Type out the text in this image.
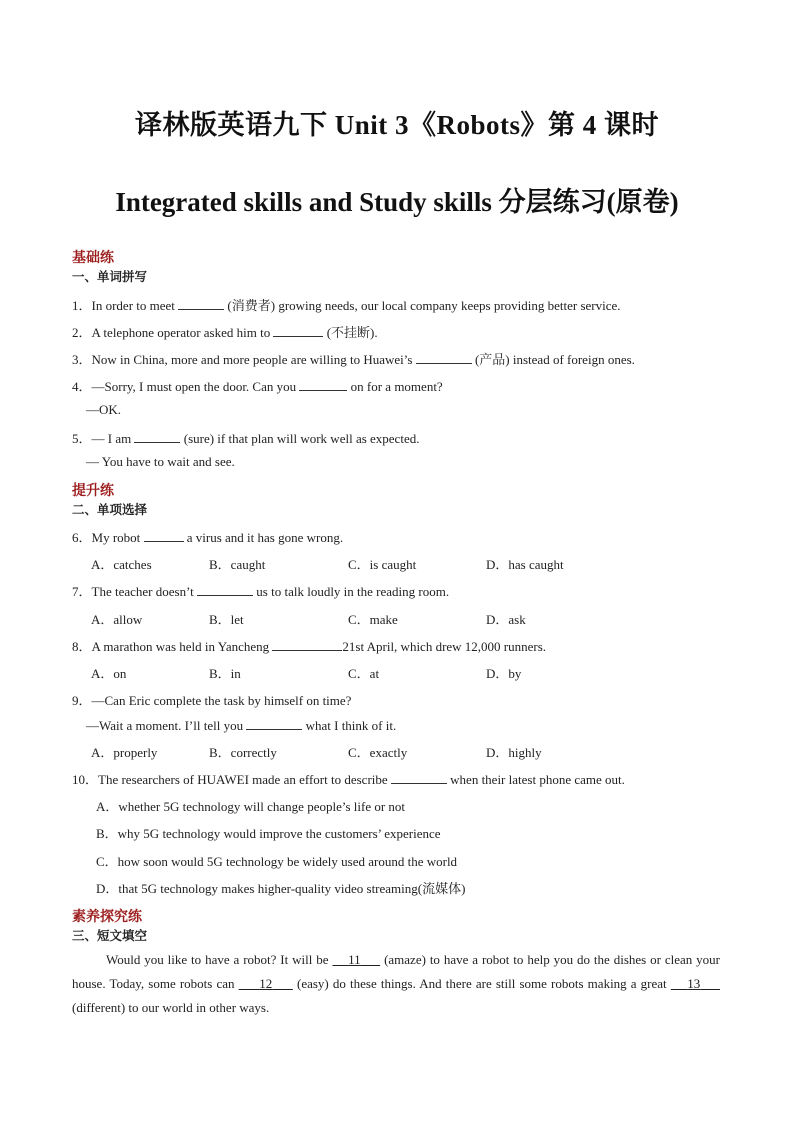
译林版英语九下 Unit 3《Robots》第 4 课时
Integrated skills and Study skills 分层练习(原卷)
基础练
一、单词拼写
1．In order to meet	(消费者) growing needs, our local company keeps providing better service.
2．A telephone operator asked him to	(不挂断).
3．Now in China, more and more people are willing to Huawei’s	(产品) instead of foreign ones.
4．—Sorry, I must open the door. Can you	on for a moment?
—OK.
5．— I am	(sure) if that plan will work well as expected.
— You have to wait and see.
提升练
二、单项选择
6．My robot	a virus and it has gone wrong.
A．catches	B．caught	C．is caught	D．has caught
7．The teacher doesn’t	us to talk loudly in the reading room.
A．allow	B．let	C．make	D．ask
8．A marathon was held in Yancheng	21st April, which drew 12,000 runners.
A．on	B．in	C．at	D．by
9．—Can Eric complete the task by himself on time?
—Wait a moment. I’ll tell you	what I think of it.
A．properly	B．correctly	C．exactly	D．highly
10．The researchers of HUAWEI made an effort to describe	when their latest phone came out.
A．whether 5G technology will change people’s life or not
B．why 5G technology would improve the customers’ experience
C．how soon would 5G technology be widely used around the world
D．that 5G technology makes higher-quality video streaming(流媒体)
素养探究练
三、短文填空
Would you like to have a robot? It will be 11 (amaze) to have a robot to help you do the dishes or clean your house. Today, some robots can 12 (easy) do these things. And there are still some robots making a great 13      (different) to our world in other ways.
